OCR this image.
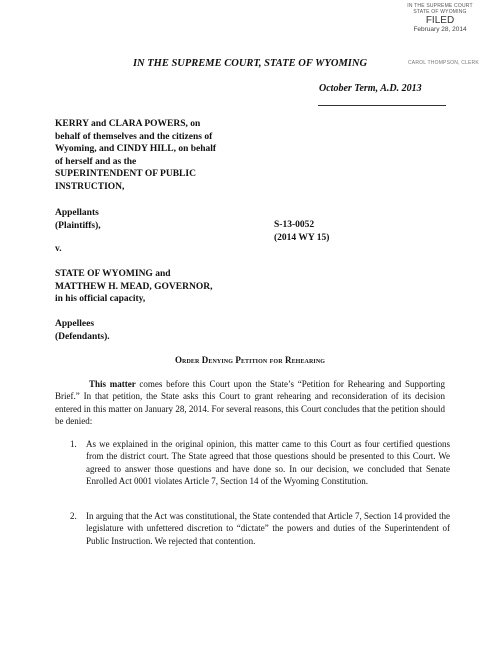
IN THE SUPREME COURT
STATE OF WYOMING
FILED
February 28, 2014
CAROL THOMPSON, CLERK
IN THE SUPREME COURT, STATE OF WYOMING
October Term, A.D. 2013
KERRY and CLARA POWERS, on
behalf of themselves and the citizens of
Wyoming, and CINDY HILL, on behalf
of herself and as the
SUPERINTENDENT OF PUBLIC
INSTRUCTION,
Appellants
(Plaintiffs),
v.
STATE OF WYOMING and
MATTHEW H. MEAD, GOVERNOR,
in his official capacity,
Appellees
(Defendants).
S-13-0052
(2014 WY 15)
Order Denying Petition for Rehearing
This matter comes before this Court upon the State’s “Petition for Rehearing and Supporting Brief.” In that petition, the State asks this Court to grant rehearing and reconsideration of its decision entered in this matter on January 28, 2014. For several reasons, this Court concludes that the petition should be denied:
1. As we explained in the original opinion, this matter came to this Court as four certified questions from the district court. The State agreed that those questions should be presented to this Court. We agreed to answer those questions and have done so. In our decision, we concluded that Senate Enrolled Act 0001 violates Article 7, Section 14 of the Wyoming Constitution.
2. In arguing that the Act was constitutional, the State contended that Article 7, Section 14 provided the legislature with unfettered discretion to “dictate” the powers and duties of the Superintendent of Public Instruction. We rejected that contention.
